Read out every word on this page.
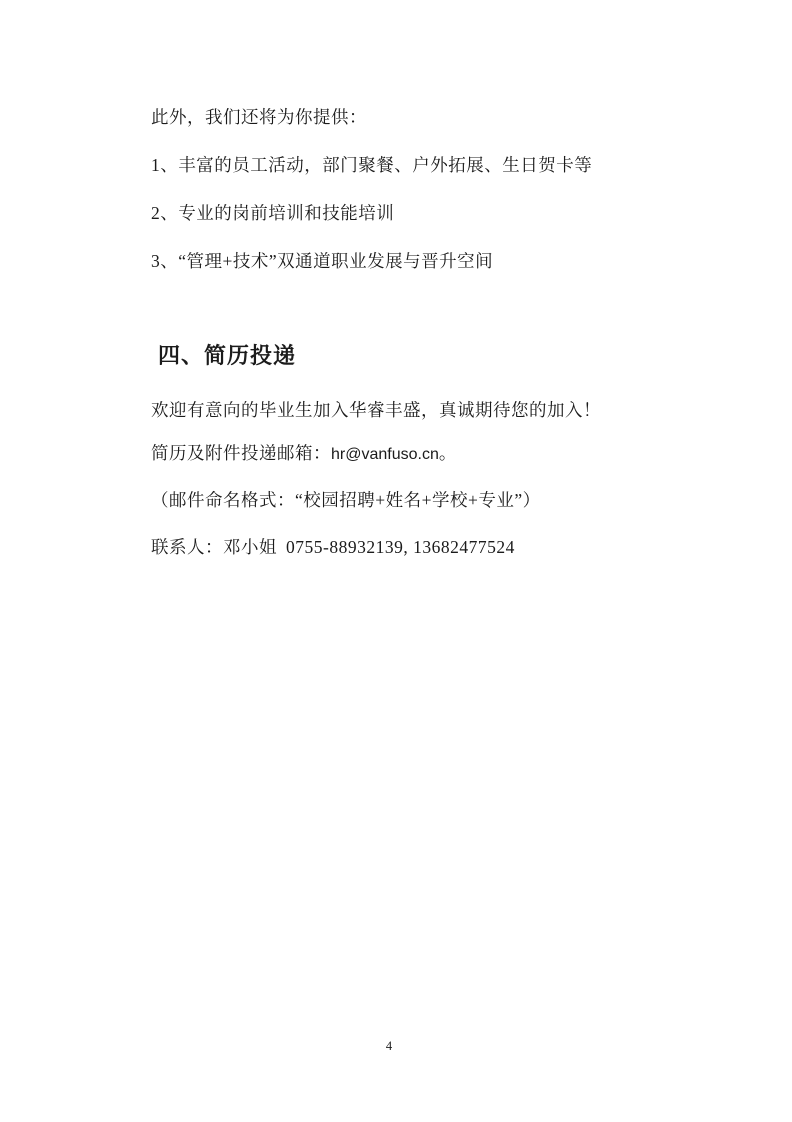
此外，我们还将为你提供：

1、丰富的员工活动，部门聚餐、户外拓展、生日贺卡等

2、专业的岗前培训和技能培训

3、“管理+技术”双通道职业发展与晋升空间

四、简历投递

欢迎有意向的毕业生加入华睿丰盛，真诚期待您的加入！

简历及附件投递邮箱：hr@vanfuso.cn。

（邮件命名格式：“校园招聘+姓名+学校+专业”）

联系人：邓小姐 0755-88932139, 13682477524

4
